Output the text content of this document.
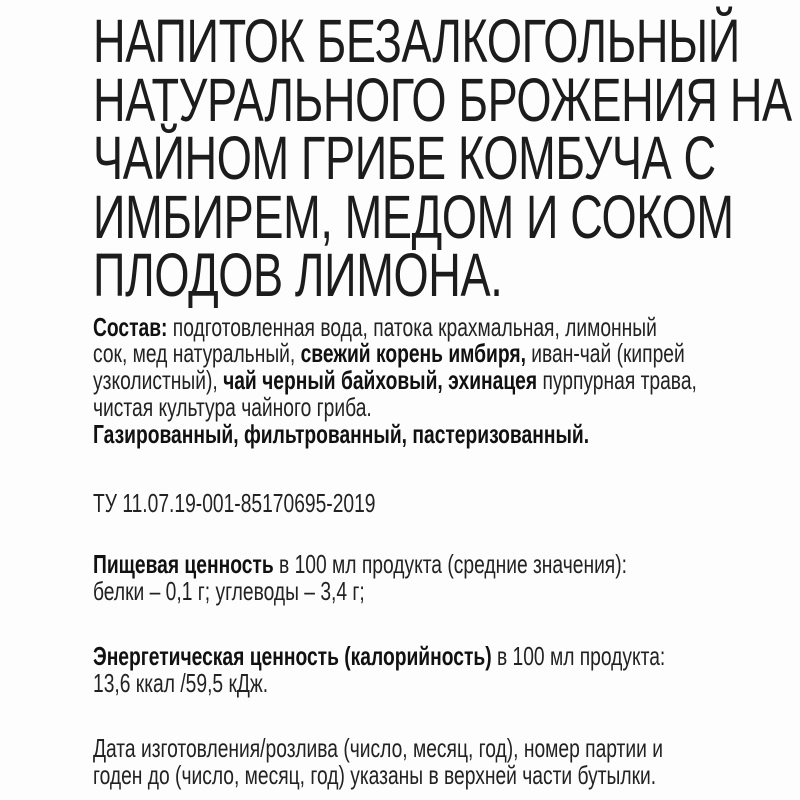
НАПИТОК БЕЗАЛКОГОЛЬНЫЙ
НАТУРАЛЬНОГО БРОЖЕНИЯ НА
ЧАЙНОМ ГРИБЕ КОМБУЧА С
ИМБИРЕМ, МЕДОМ И СОКОМ
ПЛОДОВ ЛИМОНА.
Состав: подготовленная вода, патока крахмальная, лимонный
сок, мед натуральный, свежий корень имбиря, иван-чай (кипрей
узколистный), чай черный байховый, эхинацея пурпурная трава,
чистая культура чайного гриба.
Газированный, фильтрованный, пастеризованный.
ТУ 11.07.19-001-85170695-2019
Пищевая ценность в 100 мл продукта (средние значения):
белки – 0,1 г; углеводы – 3,4 г;
Энергетическая ценность (калорийность) в 100 мл продукта:
13,6 ккал /59,5 кДж.
Дата изготовления/розлива (число, месяц, год), номер партии и
годен до (число, месяц, год) указаны в верхней части бутылки.
